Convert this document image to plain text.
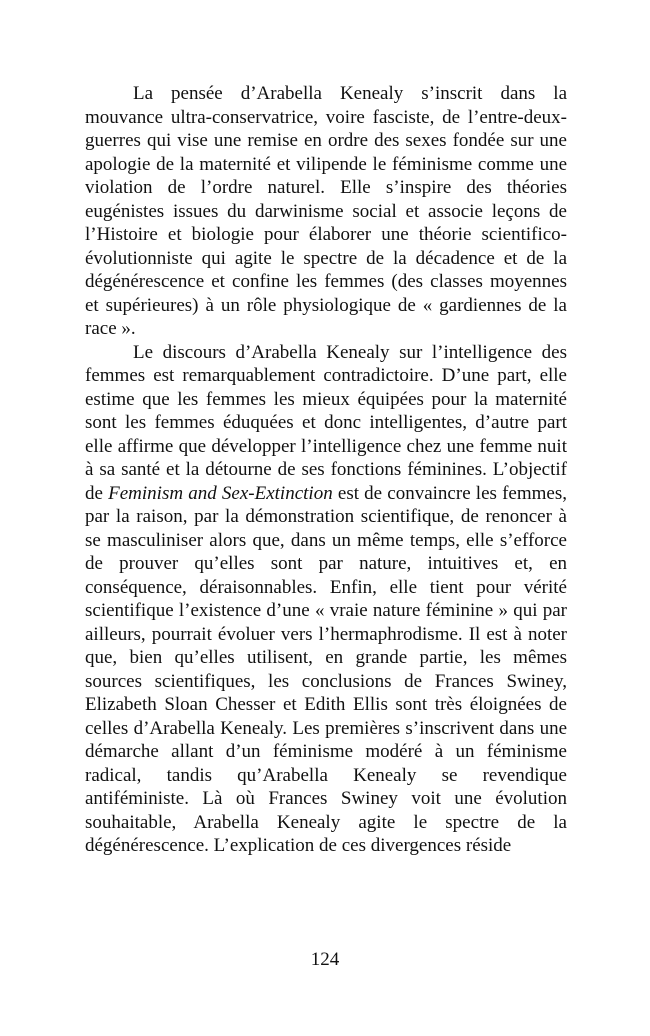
La pensée d’Arabella Kenealy s’inscrit dans la mouvance ultra-conservatrice, voire fasciste, de l’entre-deux-guerres qui vise une remise en ordre des sexes fondée sur une apologie de la maternité et vilipende le féminisme comme une violation de l’ordre naturel. Elle s’inspire des théories eugénistes issues du darwinisme social et associe leçons de l’Histoire et biologie pour élaborer une théorie scientifico-évolutionniste qui agite le spectre de la décadence et de la dégénérescence et confine les femmes (des classes moyennes et supérieures) à un rôle physiologique de « gardiennes de la race ».

Le discours d’Arabella Kenealy sur l’intelligence des femmes est remarquablement contradictoire. D’une part, elle estime que les femmes les mieux équipées pour la maternité sont les femmes éduquées et donc intelligentes, d’autre part elle affirme que développer l’intelligence chez une femme nuit à sa santé et la détourne de ses fonctions féminines. L’objectif de Feminism and Sex-Extinction est de convaincre les femmes, par la raison, par la démonstration scientifique, de renoncer à se masculiniser alors que, dans un même temps, elle s’efforce de prouver qu’elles sont par nature, intuitives et, en conséquence, déraisonnables. Enfin, elle tient pour vérité scientifique l’existence d’une « vraie nature féminine » qui par ailleurs, pourrait évoluer vers l’hermaphrodisme. Il est à noter que, bien qu’elles utilisent, en grande partie, les mêmes sources scientifiques, les conclusions de Frances Swiney, Elizabeth Sloan Chesser et Edith Ellis sont très éloignées de celles d’Arabella Kenealy. Les premières s’inscrivent dans une démarche allant d’un féminisme modéré à un féminisme radical, tandis qu’Arabella Kenealy se revendique antiféministe. Là où Frances Swiney voit une évolution souhaitable, Arabella Kenealy agite le spectre de la dégénérescence. L’explication de ces divergences réside

124
